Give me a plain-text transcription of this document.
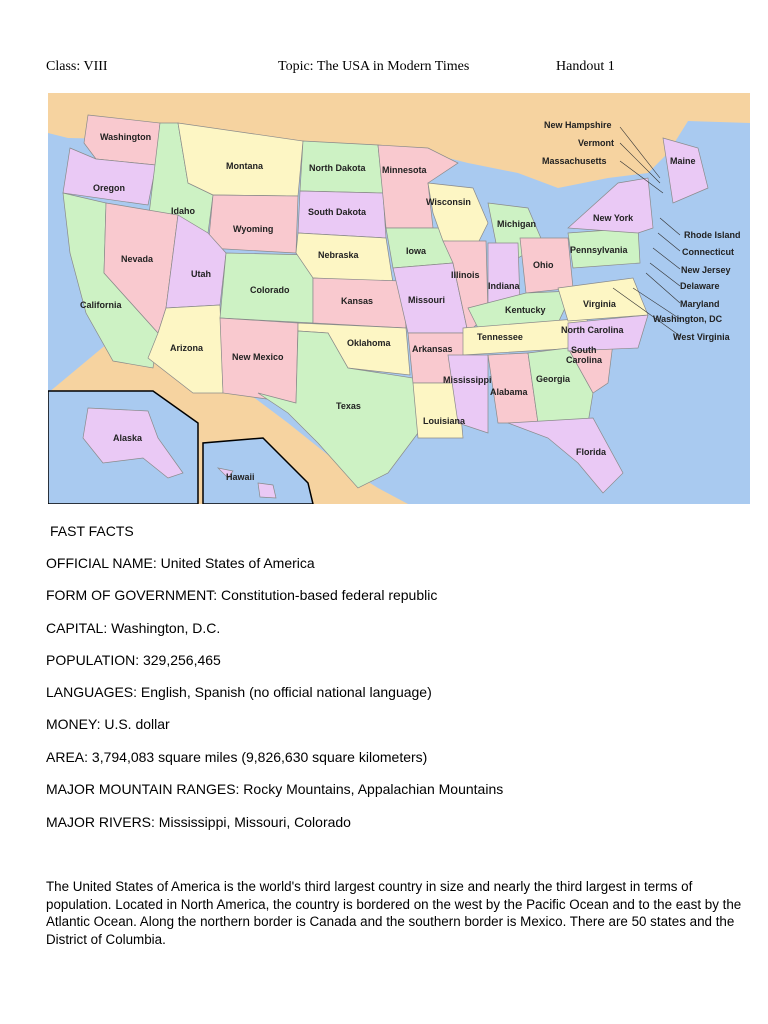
Class: VIII	Topic: The USA in Modern Times	Handout 1
Washington
Oregon
California
Idaho
Nevada
Montana
Wyoming
Utah
Arizona
Colorado
New Mexico
North Dakota
South Dakota
Nebraska
Kansas
Oklahoma
Texas
Minnesota
Iowa
Missouri
Arkansas
Louisiana
Wisconsin
Illinois
Michigan
Indiana
Ohio
Kentucky
Tennessee
Mississippi
Alabama
Georgia
Florida
South
Carolina
North Carolina
Virginia
Pennsylvania
New York
Maine
New Hampshire
Vermont
Massachusetts
Rhode Island
Connecticut
New Jersey
Delaware
Maryland
Washington, DC
West Virginia
Alaska
Hawaii
FAST FACTS
OFFICIAL NAME: United States of America
FORM OF GOVERNMENT: Constitution-based federal republic
CAPITAL: Washington, D.C.
POPULATION: 329,256,465
LANGUAGES: English, Spanish (no official national language)
MONEY: U.S. dollar
AREA: 3,794,083 square miles (9,826,630 square kilometers)
MAJOR MOUNTAIN RANGES: Rocky Mountains, Appalachian Mountains
MAJOR RIVERS: Mississippi, Missouri, Colorado
The United States of America is the world's third largest country in size and nearly the third largest in terms of population. Located in North America, the country is bordered on the west by the Pacific Ocean and to the east by the Atlantic Ocean. Along the northern border is Canada and the southern border is Mexico. There are 50 states and the District of Columbia.
